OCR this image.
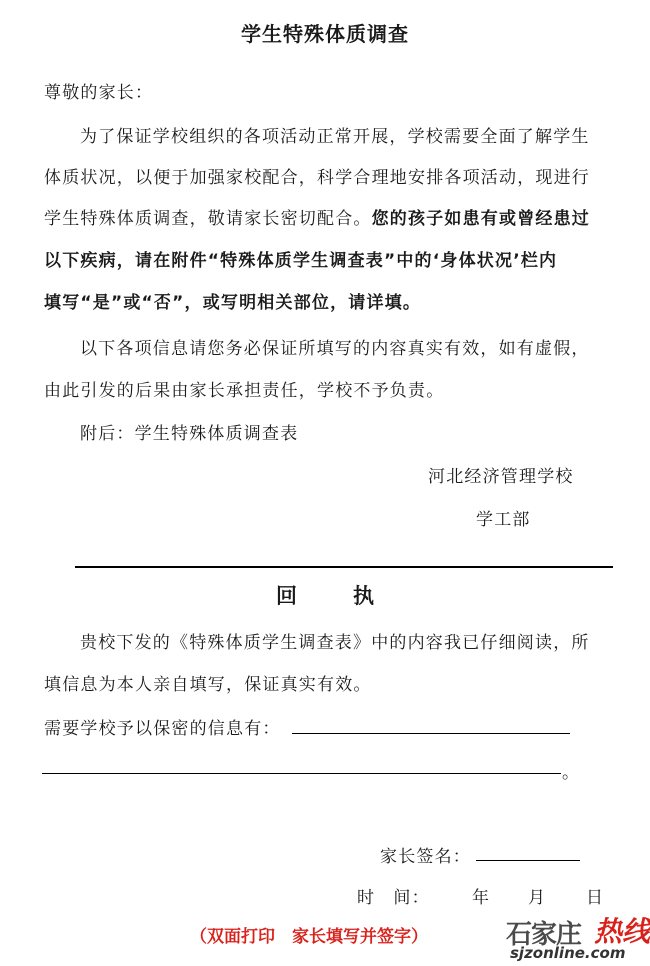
学生特殊体质调查
尊敬的家长：
为了保证学校组织的各项活动正常开展，学校需要全面了解学生
体质状况，以便于加强家校配合，科学合理地安排各项活动，现进行
学生特殊体质调查，敬请家长密切配合。您的孩子如患有或曾经患过
以下疾病，请在附件“特殊体质学生调查表”中的‘身体状况’栏内
填写“是”或“否”，或写明相关部位，请详填。
以下各项信息请您务必保证所填写的内容真实有效，如有虚假，
由此引发的后果由家长承担责任，学校不予负责。
附后：学生特殊体质调查表
河北经济管理学校
学工部
回	执
贵校下发的《特殊体质学生调查表》中的内容我已仔细阅读，所
填信息为本人亲自填写，保证真实有效。
需要学校予以保密的信息有：
。
家长签名：
时　间： 年 月 日
（双面打印　家长填写并签字）	石家庄 热线
sjzonline.com
